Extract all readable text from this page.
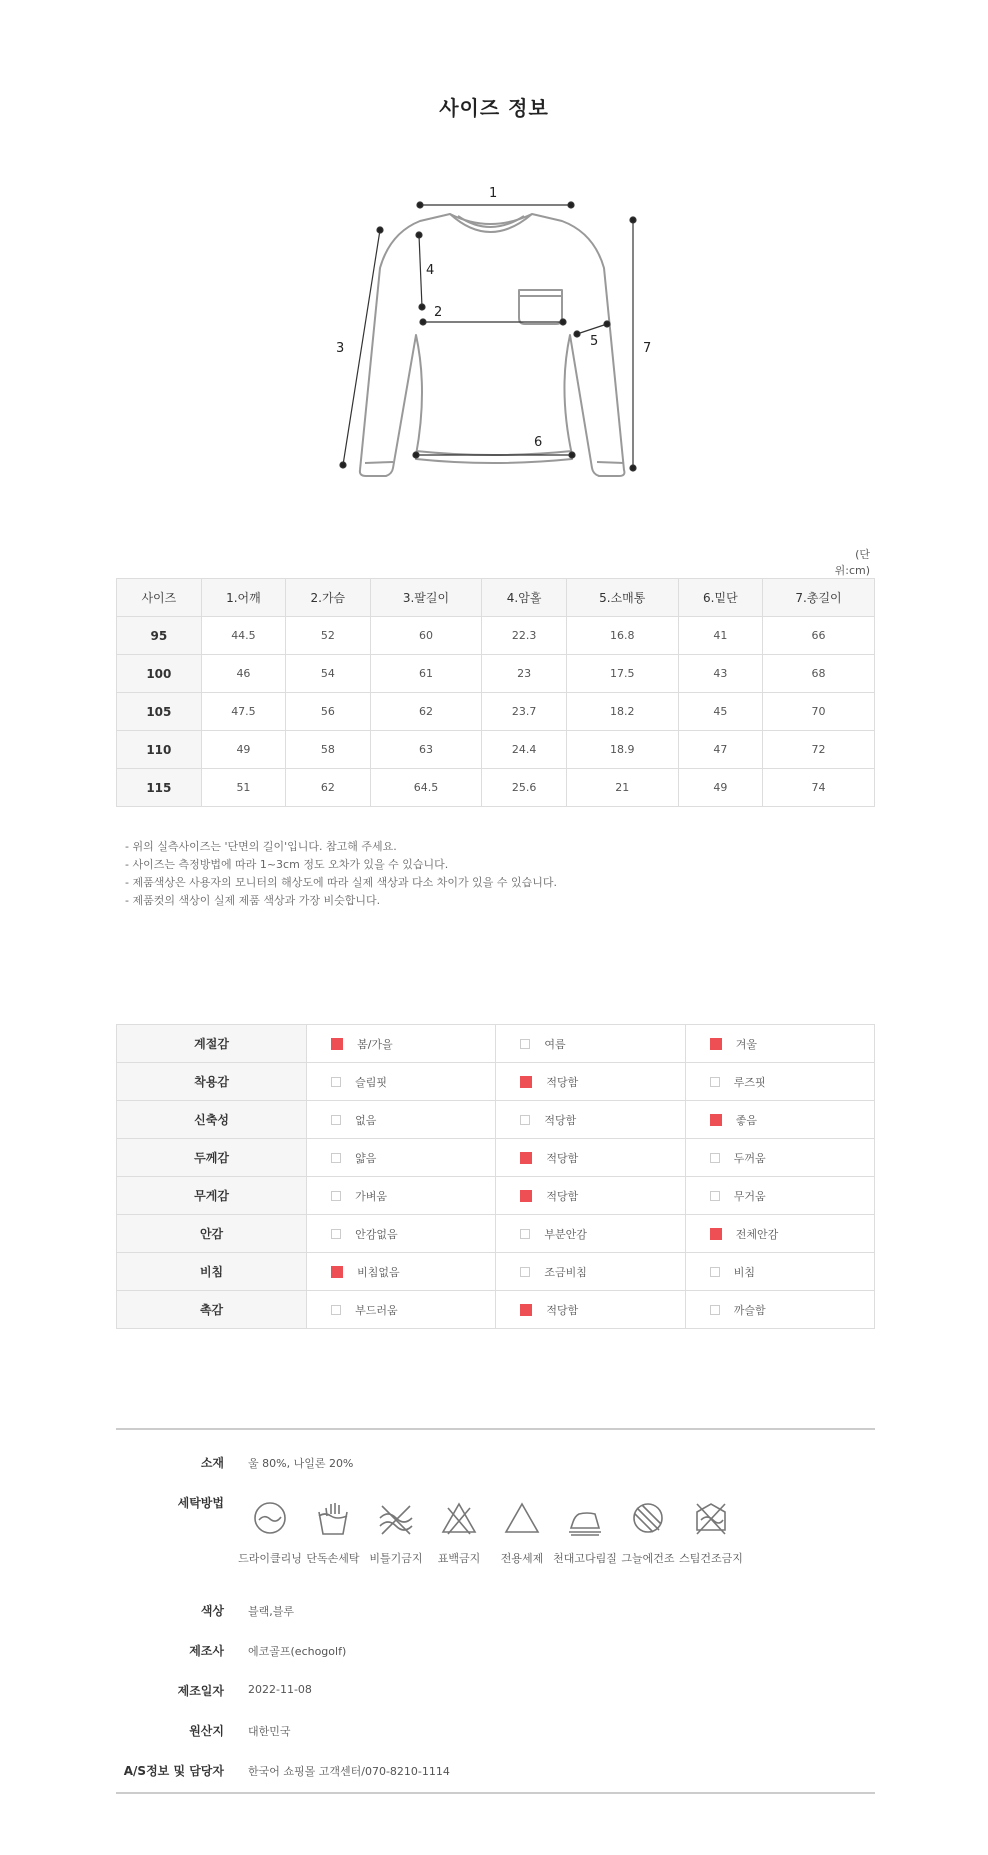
사이즈 정보
1
2
3
4
5
6
7
(단위:cm)
사이즈	1.어깨	2.가슴	3.팔길이	4.암홀	5.소매통	6.밑단	7.총길이
95	44.5	52	60	22.3	16.8	41	66
100	46	54	61	23	17.5	43	68
105	47.5	56	62	23.7	18.2	45	70
110	49	58	63	24.4	18.9	47	72
115	51	62	64.5	25.6	21	49	74
- 위의 실측사이즈는 '단면의 길이'입니다. 참고해 주세요.
- 사이즈는 측정방법에 따라 1~3cm 정도 오차가 있을 수 있습니다.
- 제품색상은 사용자의 모니터의 해상도에 따라 실제 색상과 다소 차이가 있을 수 있습니다.
- 제품컷의 색상이 실제 제품 색상과 가장 비슷합니다.
계절감	봄/가을	여름	겨울
착용감	슬림핏	적당함	루즈핏
신축성	없음	적당함	좋음
두께감	얇음	적당함	두꺼움
무게감	가벼움	적당함	무거움
안감	안감없음	부분안감	전체안감
비침	비침없음	조금비침	비침
촉감	부드러움	적당함	까슬함
소재 울 80%, 나일론 20%
세탁방법
드라이클리닝 단독손세탁 비틀기금지	표백금지	전용세제 천대고다림질 그늘에건조 스팀건조금지
색상 블랙,블루
제조사 에코골프(echogolf)
제조일자 2022-11-08
원산지 대한민국
A/S정보 및 담당자 한국어 쇼핑몰 고객센터/070-8210-1114
